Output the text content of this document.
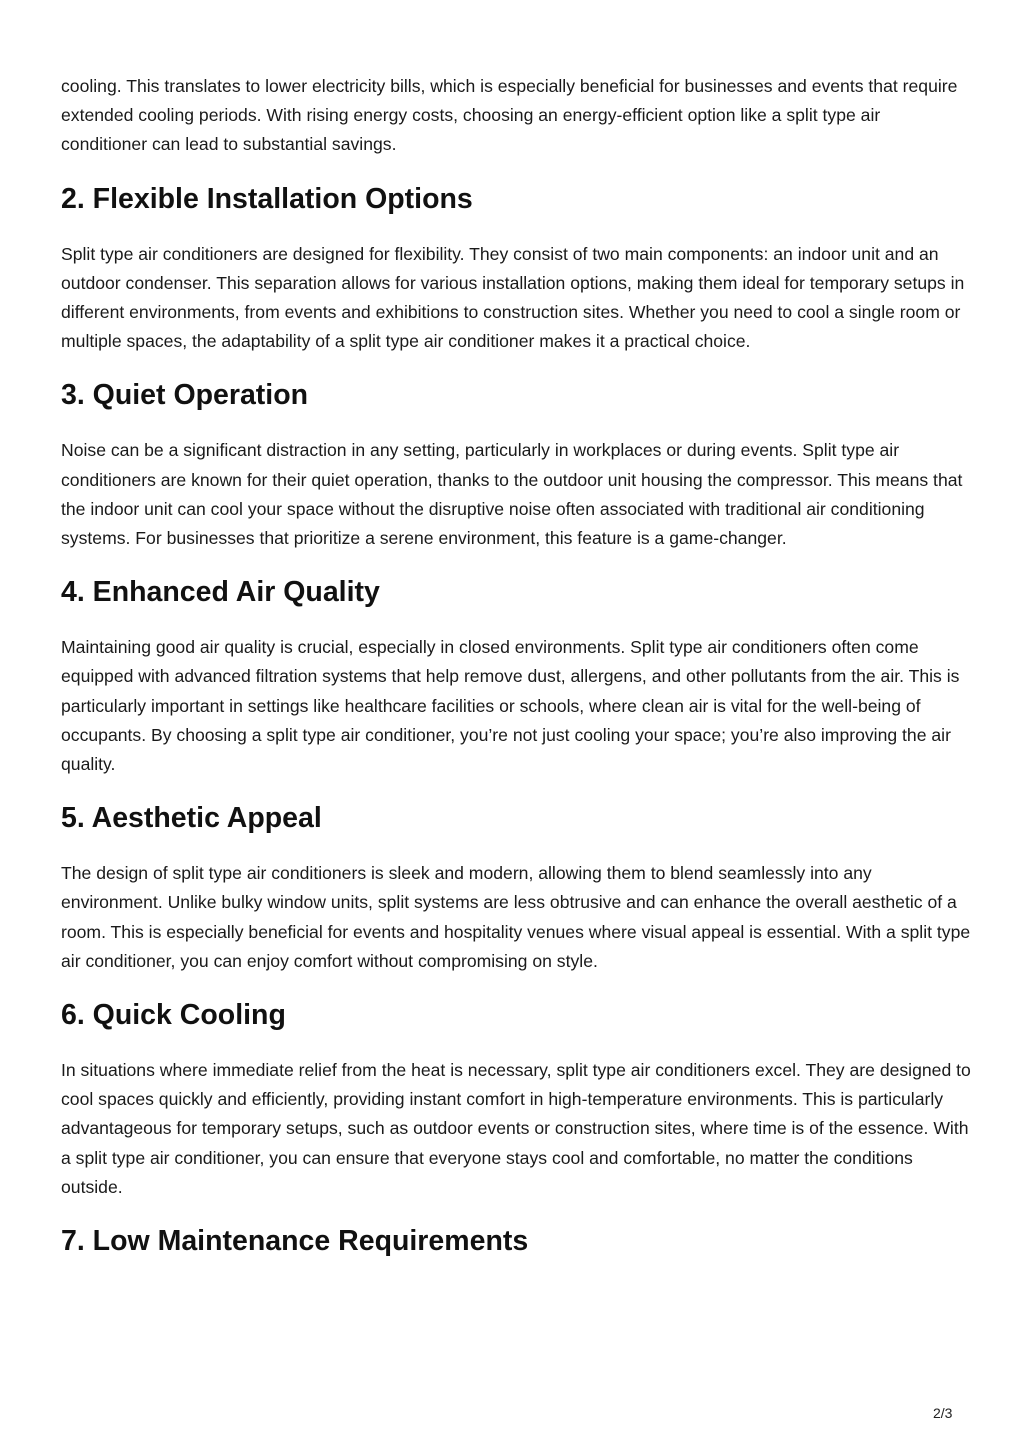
cooling. This translates to lower electricity bills, which is especially beneficial for businesses and events that require extended cooling periods. With rising energy costs, choosing an energy-efficient option like a split type air conditioner can lead to substantial savings.

2. Flexible Installation Options

Split type air conditioners are designed for flexibility. They consist of two main components: an indoor unit and an outdoor condenser. This separation allows for various installation options, making them ideal for temporary setups in different environments, from events and exhibitions to construction sites. Whether you need to cool a single room or multiple spaces, the adaptability of a split type air conditioner makes it a practical choice.

3. Quiet Operation

Noise can be a significant distraction in any setting, particularly in workplaces or during events. Split type air conditioners are known for their quiet operation, thanks to the outdoor unit housing the compressor. This means that the indoor unit can cool your space without the disruptive noise often associated with traditional air conditioning systems. For businesses that prioritize a serene environment, this feature is a game-changer.

4. Enhanced Air Quality

Maintaining good air quality is crucial, especially in closed environments. Split type air conditioners often come equipped with advanced filtration systems that help remove dust, allergens, and other pollutants from the air. This is particularly important in settings like healthcare facilities or schools, where clean air is vital for the well-being of occupants. By choosing a split type air conditioner, you’re not just cooling your space; you’re also improving the air quality.

5. Aesthetic Appeal

The design of split type air conditioners is sleek and modern, allowing them to blend seamlessly into any environment. Unlike bulky window units, split systems are less obtrusive and can enhance the overall aesthetic of a room. This is especially beneficial for events and hospitality venues where visual appeal is essential. With a split type air conditioner, you can enjoy comfort without compromising on style.

6. Quick Cooling

In situations where immediate relief from the heat is necessary, split type air conditioners excel. They are designed to cool spaces quickly and efficiently, providing instant comfort in high-temperature environments. This is particularly advantageous for temporary setups, such as outdoor events or construction sites, where time is of the essence. With a split type air conditioner, you can ensure that everyone stays cool and comfortable, no matter the conditions outside.

7. Low Maintenance Requirements
2/3
